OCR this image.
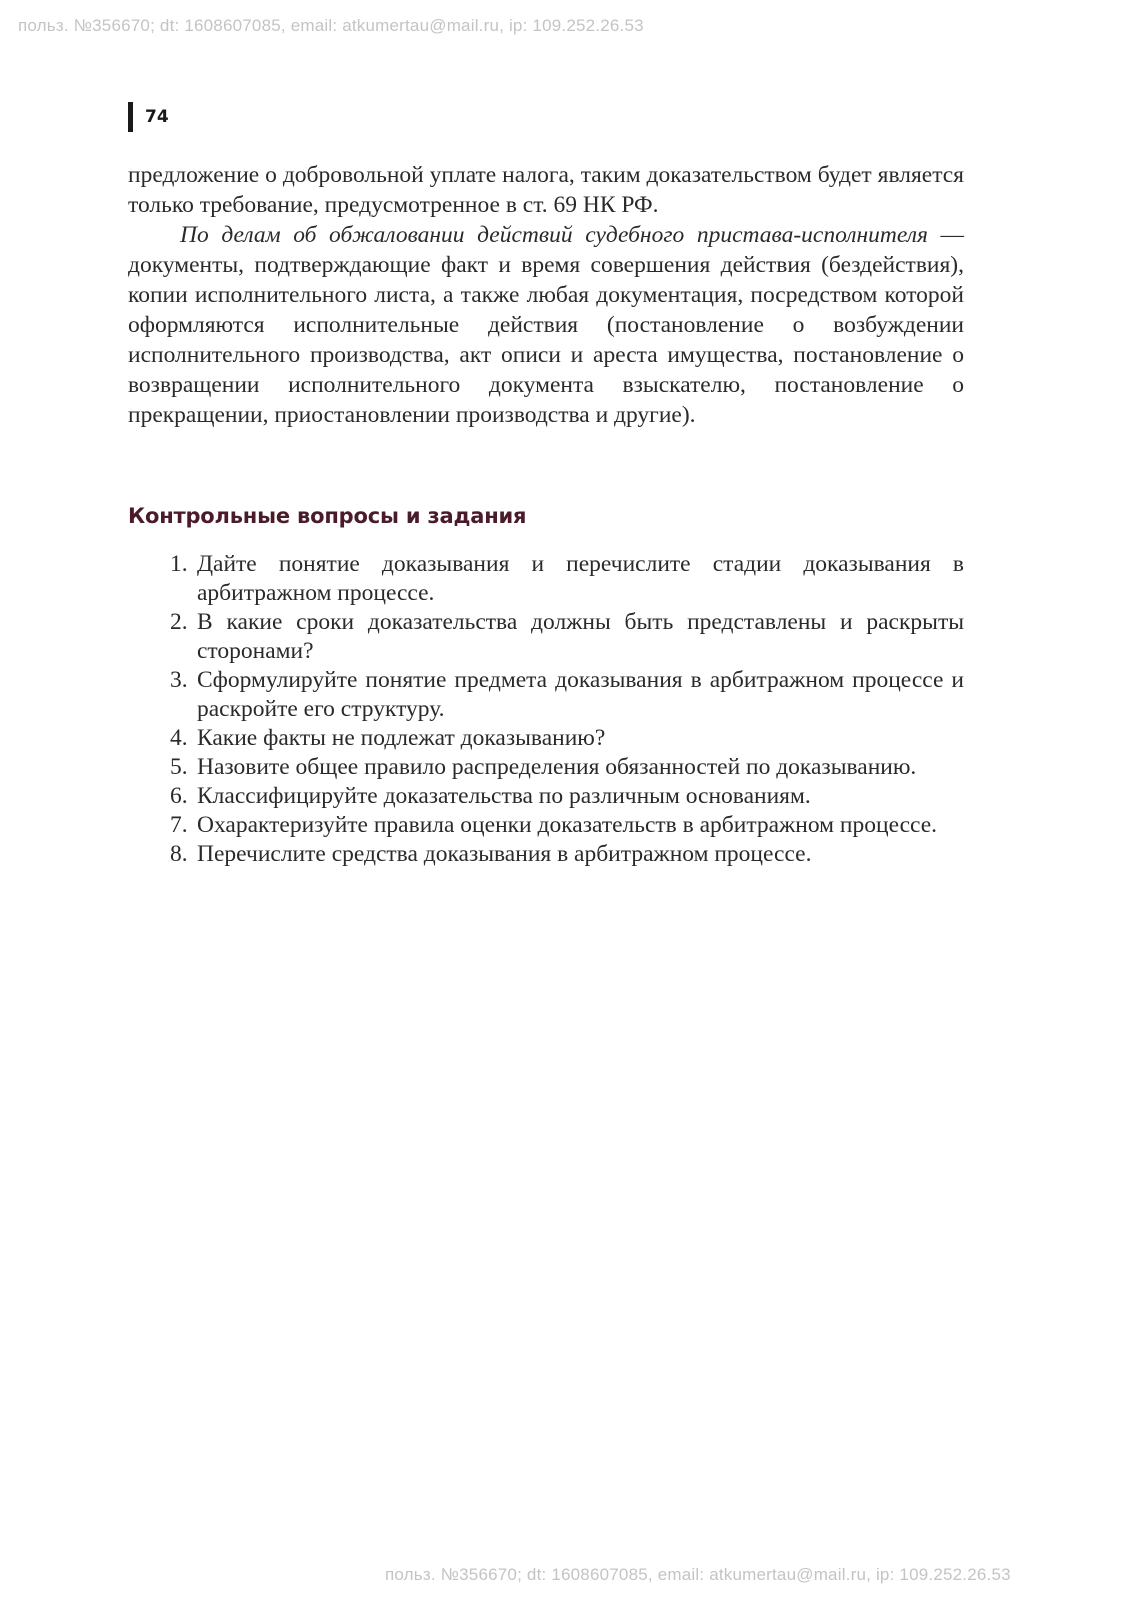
польз. №356670; dt: 1608607085, email: atkumertau@mail.ru, ip: 109.252.26.53
74

предложение о добровольной уплате налога, таким доказательством будет является только требование, предусмотренное в ст. 69 НК РФ.

По делам об обжаловании действий судебного пристава-исполнителя — документы, подтверждающие факт и время совершения действия (бездействия), копии исполнительного листа, а также любая документация, посредством которой оформляются исполнительные действия (постановление о возбуждении исполнительного производства, акт описи и ареста имущества, постановление о возвращении исполнительного документа взыскателю, постановление о прекращении, приостановлении производства и другие).

Контрольные вопросы и задания
1. Дайте понятие доказывания и перечислите стадии доказывания в арбитражном процессе.
2. В какие сроки доказательства должны быть представлены и раскрыты сторонами?
3. Сформулируйте понятие предмета доказывания в арбитражном процессе и раскройте его структуру.
4. Какие факты не подлежат доказыванию?
5. Назовите общее правило распределения обязанностей по доказыванию.
6. Классифицируйте доказательства по различным основаниям.
7. Охарактеризуйте правила оценки доказательств в арбитражном процессе.
8. Перечислите средства доказывания в арбитражном процессе.
польз. №356670; dt: 1608607085, email: atkumertau@mail.ru, ip: 109.252.26.53
